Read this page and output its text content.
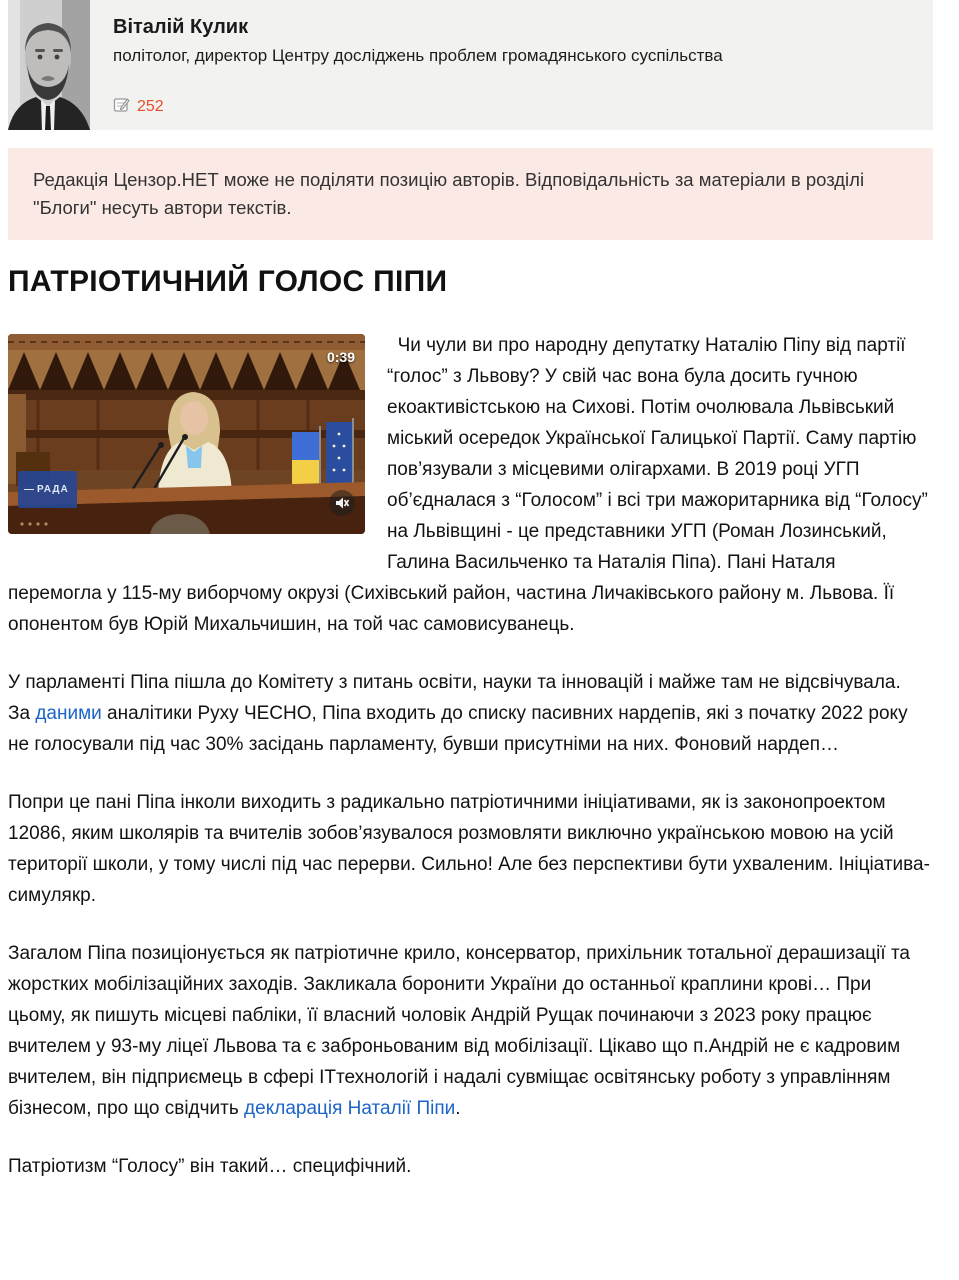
Віталій Кулик
політолог, директор Центру досліджень проблем громадянського суспільства
252
Редакція Цензор.НЕТ може не поділяти позицію авторів. Відповідальність за матеріали в розділі "Блоги" несуть автори текстів.
ПАТРІОТИЧНИЙ ГОЛОС ПІПИ
0:39
— РАДА

Чи чули ви про народну депутатку Наталію Піпу від партії “голос” з Львову? У свій час вона була досить гучною екоактивістською на Сихові. Потім очолювала Львівський міський осередок Української Галицької Партії. Саму партію пов’язували з місцевими олігархами. В 2019 році УГП об’єдналася з “Голосом” і всі три мажоритарника від “Голосу” на Львівщині - це представники УГП (Роман Лозинський, Галина Васильченко та Наталія Піпа). Пані Наталя перемогла у 115-му виборчому окрузі (Сихівський район, частина Личаківського району м. Львова. Її опонентом був Юрій Михальчишин, на той час самовисуванець.

У парламенті Піпа пішла до Комітету з питань освіти, науки та інновацій і майже там не відсвічувала.  За даними аналітики Руху ЧЕСНО, Піпа входить до списку пасивних нардепів, які з початку 2022 року не голосували під час 30% засідань парламенту, бувши присутніми на них. Фоновий нардеп…

Попри це пані Піпа інколи виходить з радикально патріотичними ініціативами, як із законопроектом 12086, яким школярів та вчителів зобов’язувалося розмовляти виключно українською мовою на усій території школи, у тому числі під час перерви. Сильно! Але без перспективи бути ухваленим. Ініціатива-симулякр.

Загалом Піпа позиціонується як патріотичне крило, консерватор, прихільник тотальної дерашизації та жорстких мобілізаційних заходів. Закликала боронити України до останньої краплини крові… При цьому, як пишуть місцеві пабліки, її власний чоловік Андрій Рущак починаючи з 2023 року працює вчителем у 93-му ліцеї Львова та є заброньованим від мобілізації. Цікаво що п.Андрій не є кадровим вчителем, він підприємець в сфері ІТтехнологій і надалі сувміщає освітянську роботу з управлінням бізнесом, про що свідчить декларація Наталії Піпи.

Патріотизм “Голосу” він такий… специфічний.
